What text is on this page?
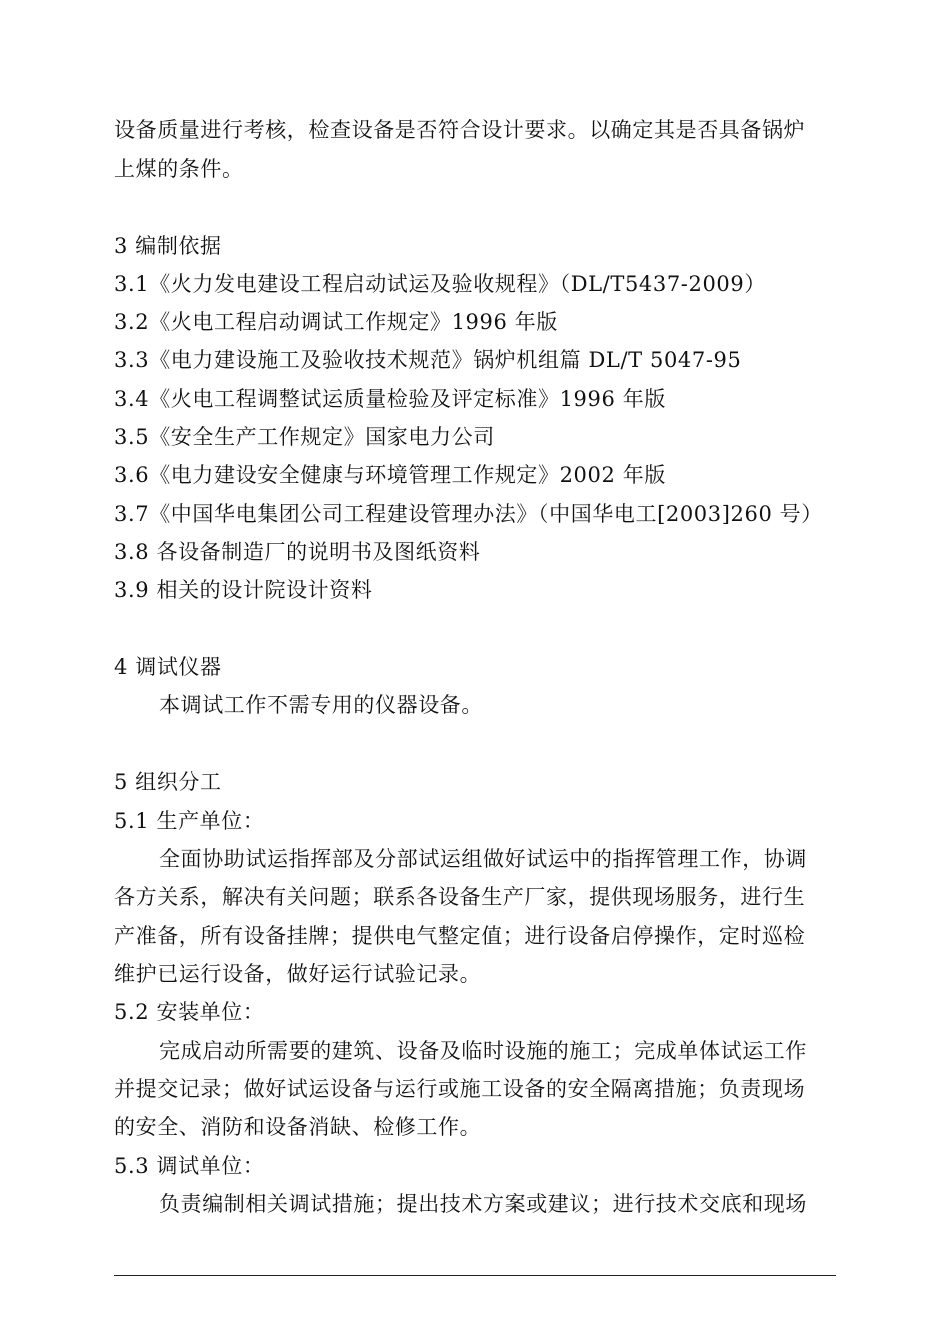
设备质量进行考核，检查设备是否符合设计要求。以确定其是否具备锅炉
上煤的条件。
3 编制依据
3.1《火力发电建设工程启动试运及验收规程》（DL/T5437-2009）
3.2《火电工程启动调试工作规定》1996 年版
3.3《电力建设施工及验收技术规范》锅炉机组篇 DL/T 5047-95
3.4《火电工程调整试运质量检验及评定标准》1996 年版
3.5《安全生产工作规定》国家电力公司
3.6《电力建设安全健康与环境管理工作规定》2002 年版
3.7《中国华电集团公司工程建设管理办法》（中国华电工[2003]260 号）
3.8 各设备制造厂的说明书及图纸资料
3.9 相关的设计院设计资料
4 调试仪器
本调试工作不需专用的仪器设备。
5 组织分工
5.1 生产单位：
全面协助试运指挥部及分部试运组做好试运中的指挥管理工作，协调
各方关系，解决有关问题；联系各设备生产厂家，提供现场服务，进行生
产准备，所有设备挂牌；提供电气整定值；进行设备启停操作，定时巡检
维护已运行设备，做好运行试验记录。
5.2 安装单位：
完成启动所需要的建筑、设备及临时设施的施工；完成单体试运工作
并提交记录；做好试运设备与运行或施工设备的安全隔离措施；负责现场
的安全、消防和设备消缺、检修工作。
5.3 调试单位：
负责编制相关调试措施；提出技术方案或建议；进行技术交底和现场
